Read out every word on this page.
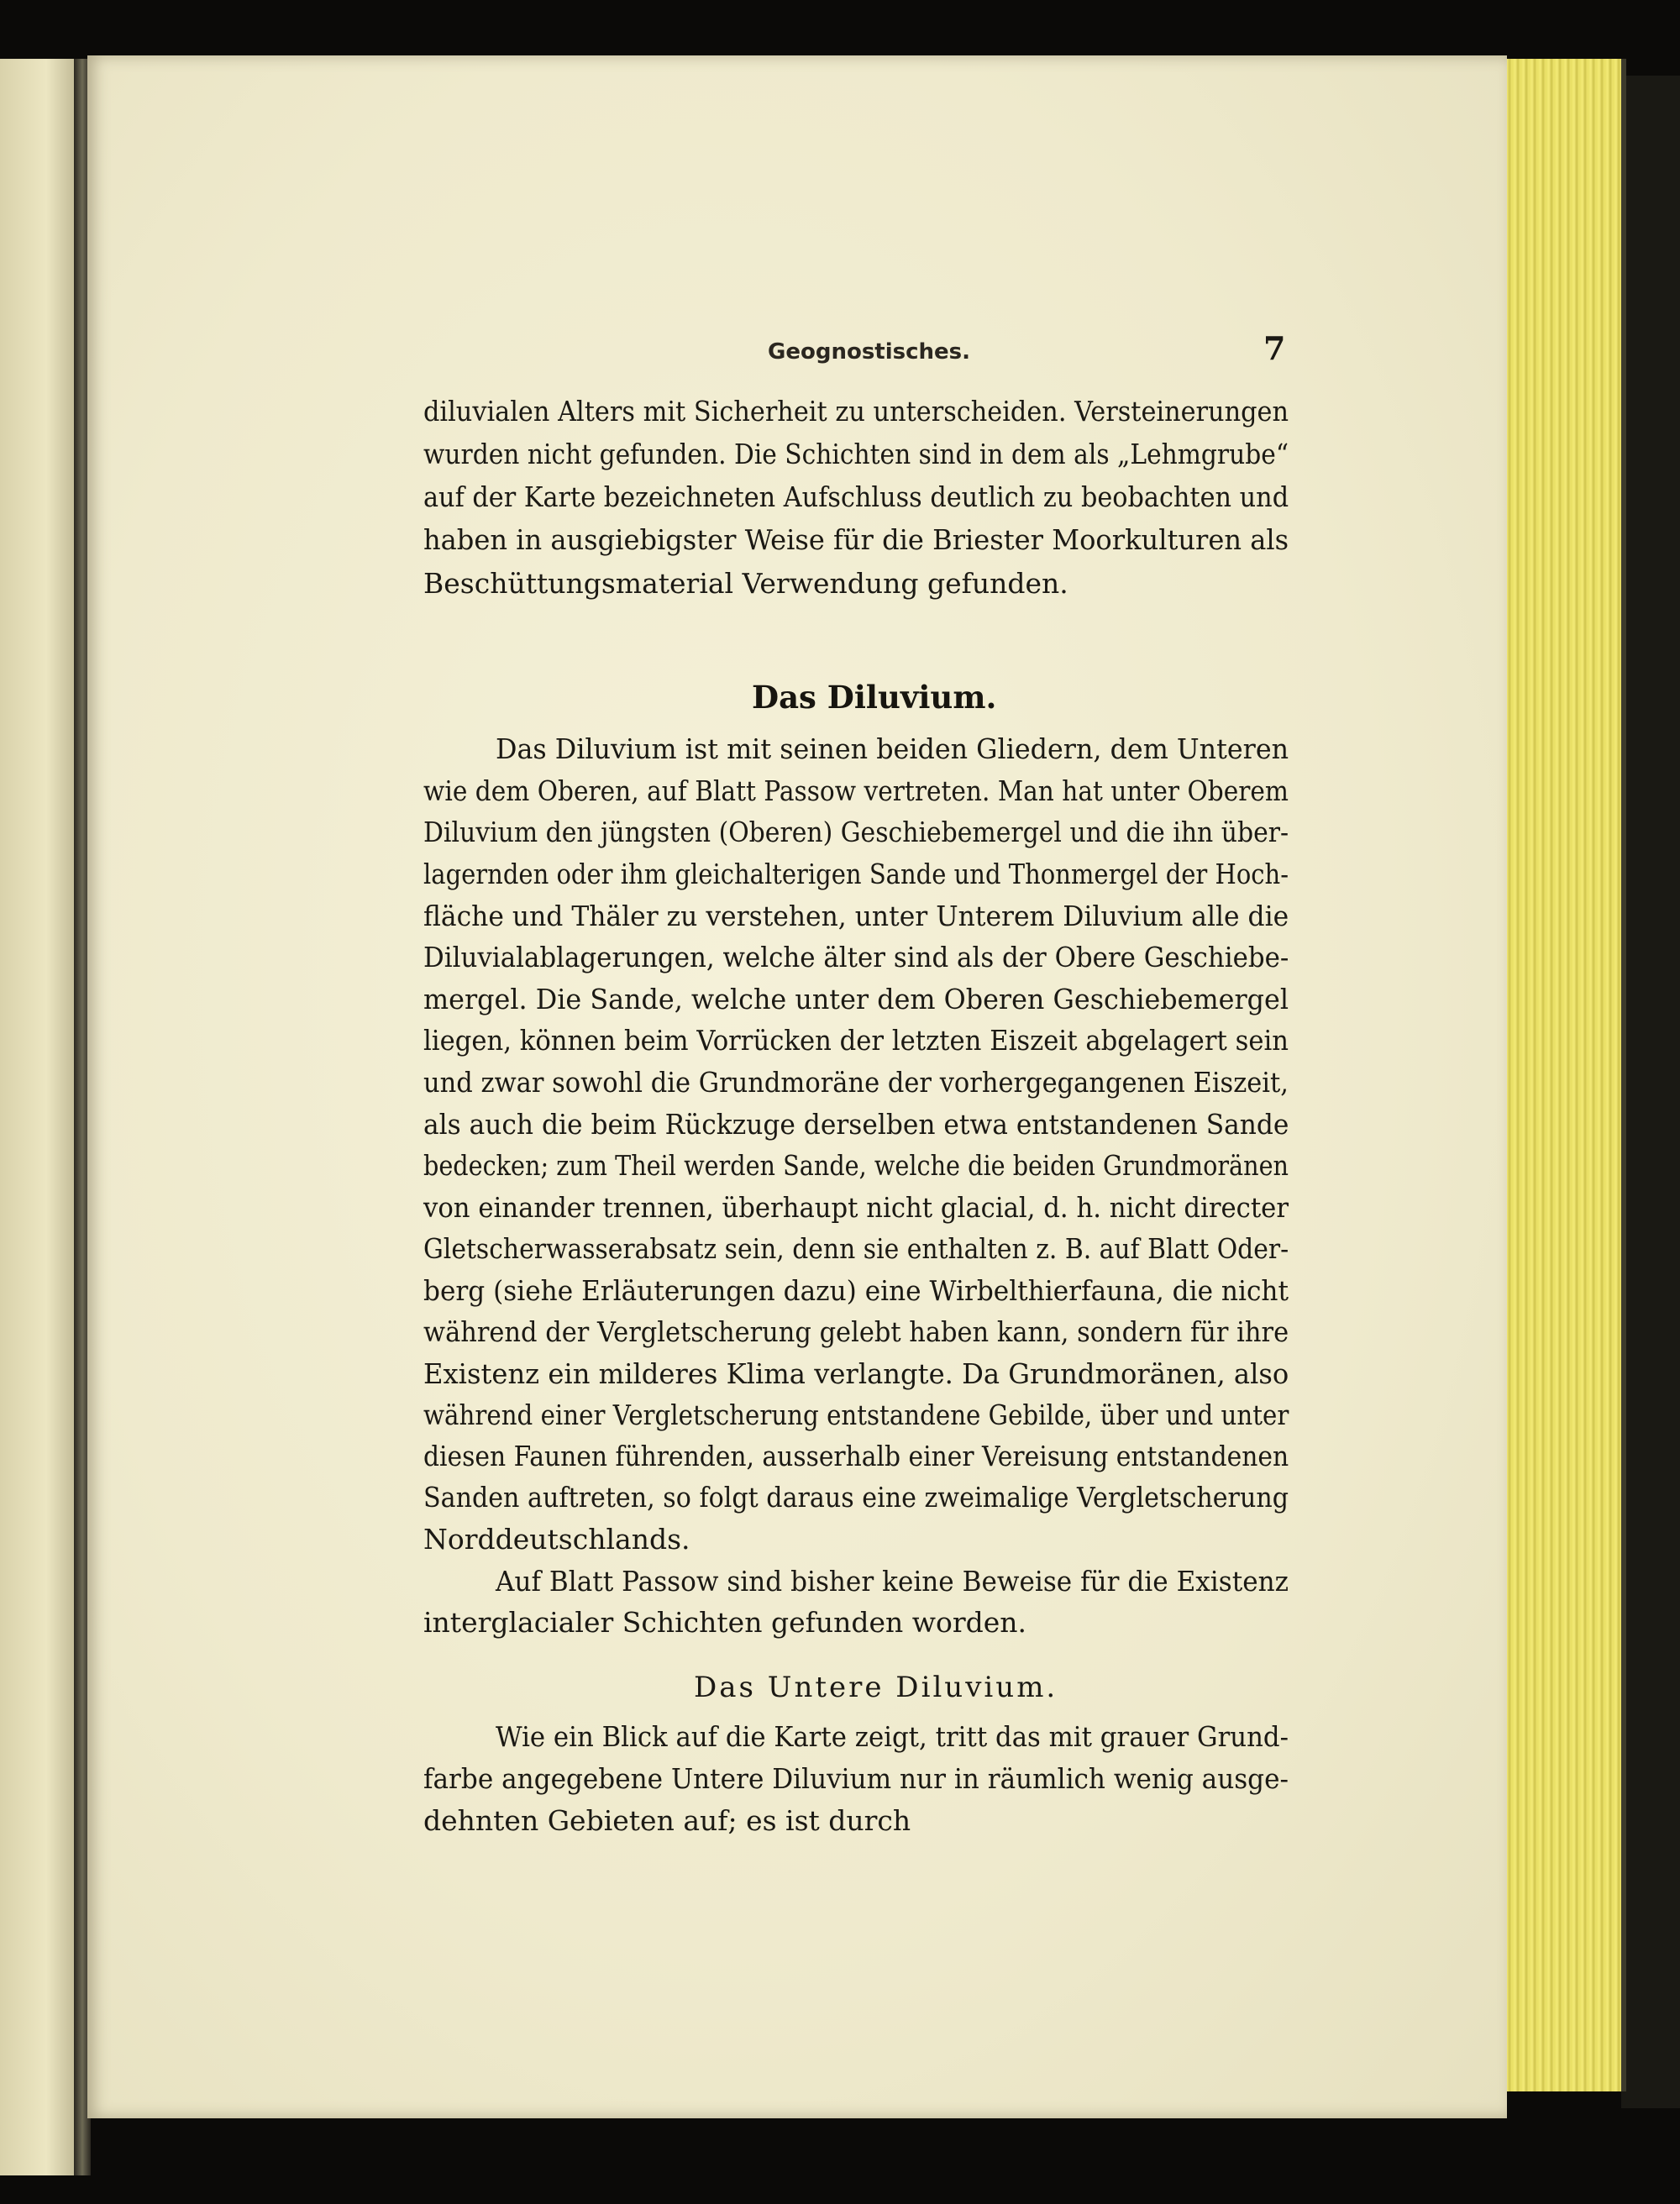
Geognostisches.	7
diluvialen Alters mit Sicherheit zu unterscheiden. Versteinerungen
wurden nicht gefunden. Die Schichten sind in dem als „Lehmgrube“
auf der Karte bezeichneten Aufschluss deutlich zu beobachten und
haben in ausgiebigster Weise für die Briester Moorkulturen als
Beschüttungsmaterial Verwendung gefunden.
Das Diluvium.
Das Diluvium ist mit seinen beiden Gliedern, dem Unteren
wie dem Oberen, auf Blatt Passow vertreten. Man hat unter Oberem
Diluvium den jüngsten (Oberen) Geschiebemergel und die ihn über-
lagernden oder ihm gleichalterigen Sande und Thonmergel der Hoch-
fläche und Thäler zu verstehen, unter Unterem Diluvium alle die
Diluvialablagerungen, welche älter sind als der Obere Geschiebe-
mergel. Die Sande, welche unter dem Oberen Geschiebemergel
liegen, können beim Vorrücken der letzten Eiszeit abgelagert sein
und zwar sowohl die Grundmoräne der vorhergegangenen Eiszeit,
als auch die beim Rückzuge derselben etwa entstandenen Sande
bedecken; zum Theil werden Sande, welche die beiden Grundmoränen
von einander trennen, überhaupt nicht glacial, d. h. nicht directer
Gletscherwasserabsatz sein, denn sie enthalten z. B. auf Blatt Oder-
berg (siehe Erläuterungen dazu) eine Wirbelthierfauna, die nicht
während der Vergletscherung gelebt haben kann, sondern für ihre
Existenz ein milderes Klima verlangte. Da Grundmoränen, also
während einer Vergletscherung entstandene Gebilde, über und unter
diesen Faunen führenden, ausserhalb einer Vereisung entstandenen
Sanden auftreten, so folgt daraus eine zweimalige Vergletscherung
Norddeutschlands.
Auf Blatt Passow sind bisher keine Beweise für die Existenz
interglacialer Schichten gefunden worden.
Das Untere Diluvium.
Wie ein Blick auf die Karte zeigt, tritt das mit grauer Grund-
farbe angegebene Untere Diluvium nur in räumlich wenig ausge-
dehnten Gebieten auf; es ist durch
